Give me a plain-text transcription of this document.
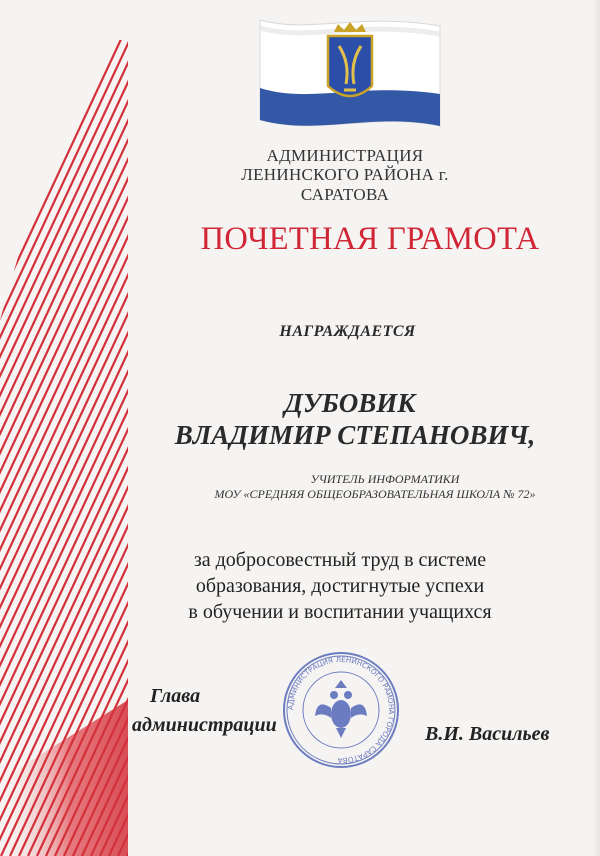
АДМИНИСТРАЦИЯ
ЛЕНИНСКОГО РАЙОНА г. САРАТОВА
ПОЧЕТНАЯ ГРАМОТА
НАГРАЖДАЕТСЯ
ДУБОВИК
ВЛАДИМИР СТЕПАНОВИЧ,
УЧИТЕЛЬ ИНФОРМАТИКИ
МОУ «СРЕДНЯЯ ОБЩЕОБРАЗОВАТЕЛЬНАЯ ШКОЛА № 72»
за добросовестный труд в системе
образования, достигнутые успехи
в обучении и воспитании учащихся
АДМИНИСТРАЦИЯ ЛЕНИНСКОГО РАЙОНА ГОРОДА САРАТОВА
Глава
администрации	В.И. Васильев
